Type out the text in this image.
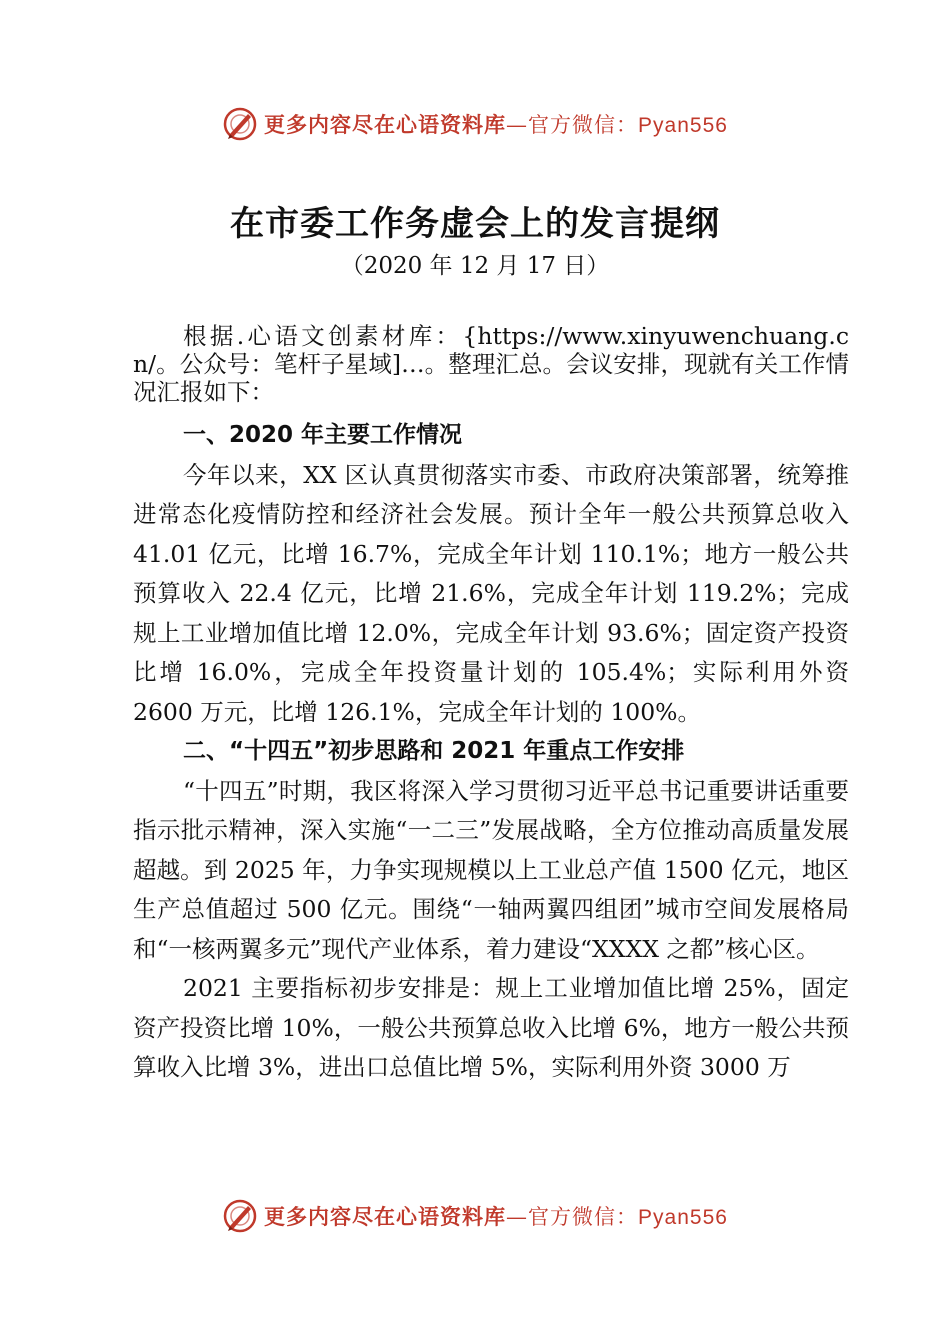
更多内容尽在心语资料库—官方微信：Pyan556
在市委工作务虚会上的发言提纲
（2020 年 12 月 17 日）

根据.心语文创素材库：{https://www.xinyuwenchuang.cn/。公众号：笔杆子星域]…。整理汇总。会议安排，现就有关工作情况汇报如下：

一、2020 年主要工作情况

今年以来，XX 区认真贯彻落实市委、市政府决策部署，统筹推进常态化疫情防控和经济社会发展。预计全年一般公共预算总收入 41.01 亿元，比增 16.7%，完成全年计划 110.1%；地方一般公共预算收入 22.4 亿元，比增 21.6%，完成全年计划 119.2%；完成规上工业增加值比增 12.0%，完成全年计划 93.6%；固定资产投资比增 16.0%，完成全年投资量计划的 105.4%；实际利用外资 2600 万元，比增 126.1%，完成全年计划的 100%。

二、“十四五”初步思路和 2021 年重点工作安排

“十四五”时期，我区将深入学习贯彻习近平总书记重要讲话重要指示批示精神，深入实施“一二三”发展战略，全方位推动高质量发展超越。到 2025 年，力争实现规模以上工业总产值 1500 亿元，地区生产总值超过 500 亿元。围绕“一轴两翼四组团”城市空间发展格局和“一核两翼多元”现代产业体系，着力建设“XXXX 之都”核心区。

2021 主要指标初步安排是：规上工业增加值比增 25%，固定资产投资比增 10%，一般公共预算总收入比增 6%，地方一般公共预算收入比增 3%，进出口总值比增 5%，实际利用外资 3000 万

更多内容尽在心语资料库—官方微信：Pyan556
